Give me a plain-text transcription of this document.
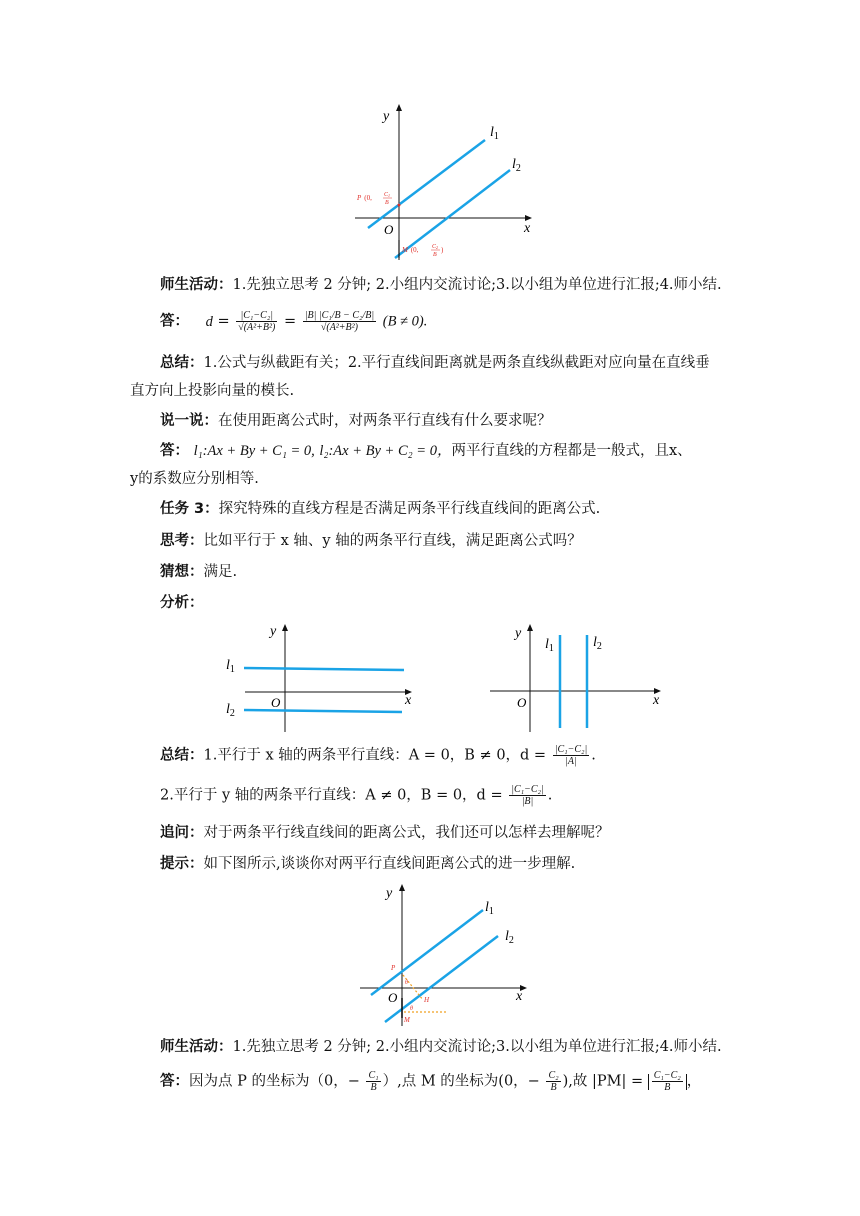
y
x
O
$l_1$
$l_2$
P (0, C1
B
M (0, C2
B
)
师生活动：1.先独立思考 2 分钟; 2.小组内交流讨论;3.以小组为单位进行汇报;4.师小结.
答： $d = \frac{\text{|C₁−C₂|}}{\text{√(A²+B²)}} = \frac{\text{|B| |C₁/B − C₂/B|}}{\text{√(A²+B²)}} (B \ne 0)$.
总结：1.公式与纵截距有关；2.平行直线间距离就是两条直线纵截距对应向量在直线垂
直方向上投影向量的模长.
说一说：在使用距离公式时，对两条平行直线有什么要求呢？
答： l₁:Ax + By + C₁ = 0, l₂:Ax + By + C₂ = 0，两平行直线的方程都是一般式，且x、
y的系数应分别相等.
任务 3：探究特殊的直线方程是否满足两条平行线直线间的距离公式.
思考：比如平行于 x 轴、y 轴的两条平行直线，满足距离公式吗？
猜想：满足.
分析：
y
x
O
$l_1$
$l_2$
y
x
O
$l_1$	$l_2$
总结：1.平行于 x 轴的两条平行直线：A = 0，B ≠ 0，$d = \frac{\text{|C₁−C₂|}}{|A|}$ .
2.平行于 y 轴的两条平行直线：A ≠ 0，B = 0，$d = \frac{\text{|C₁−C₂|}}{|B|}$ .
追问：对于两条平行线直线间的距离公式，我们还可以怎样去理解呢？
提示：如下图所示,谈谈你对两平行直线间距离公式的进一步理解.
y
x
O
$l_1$
$l_2$
P
M
H
θ
θ
师生活动：1.先独立思考 2 分钟; 2.小组内交流讨论;3.以小组为单位进行汇报;4.师小结.
答：因为点 P 的坐标为（0，− $\frac{\text{C₁}}{B}$ ）,点 M 的坐标为(0，− $\frac{\text{C₂}}{B}$ ),故 $|PM| = \frac{\text{C₁−C₂}}{B}$ ，
